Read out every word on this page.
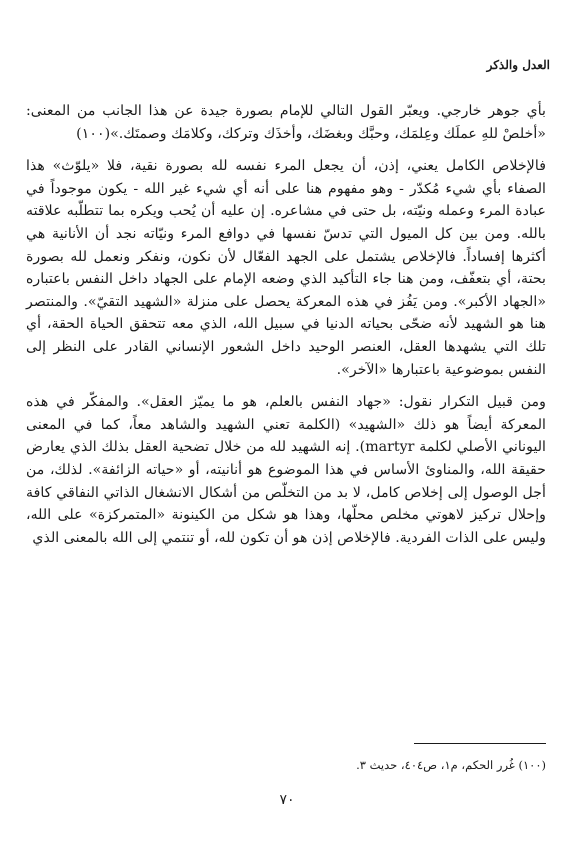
العدل والذكر

بأي جوهر خارجي. ويعبّر القول التالي للإمام بصورة جيدة عن هذا الجانب من المعنى: «أخلصْ للهِ عملَك وعِلمَك، وحبَّك وبغضَك، وأخذَك وتركك، وكلامَك وصمتَك.»(١٠٠)

فالإخلاص الكامل يعني، إذن، أن يجعل المرء نفسه لله بصورة نقية، فلا «يلوّث» هذا الصفاء بأي شيء مُكدّر - وهو مفهوم هنا على أنه أي شيء غير الله - يكون موجوداً في عبادة المرء وعمله ونيّته، بل حتى في مشاعره. إن عليه أن يُحب ويكره بما تتطلّبه علاقته بالله. ومن بين كل الميول التي تدسّ نفسها في دوافع المرء ونيّاته نجد أن الأنانية هي أكثرها إفساداً. فالإخلاص يشتمل على الجهد الفعّال لأن نكون، ونفكر ونعمل لله بصورة بحتة، أي بتعفّف، ومن هنا جاء التأكيد الذي وضعه الإمام على الجهاد داخل النفس باعتباره «الجهاد الأكبر». ومن يَفُز في هذه المعركة يحصل على منزلة «الشهيد التقيّ». والمنتصر هنا هو الشهيد لأنه ضحّى بحياته الدنيا في سبيل الله، الذي معه تتحقق الحياة الحقة، أي تلك التي يشهدها العقل، العنصر الوحيد داخل الشعور الإنساني القادر على النظر إلى النفس بموضوعية باعتبارها «الآخر».

ومن قبيل التكرار نقول: «جهاد النفس بالعلم، هو ما يميّز العقل». والمفكّر في هذه المعركة أيضاً هو ذلك «الشهيد» (الكلمة تعني الشهيد والشاهد معاً، كما في المعنى اليوناني الأصلي لكلمة martyr). إنه الشهيد لله من خلال تضحية العقل بذلك الذي يعارض حقيقة الله، والمناوئ الأساس في هذا الموضوع هو أنانيته، أو «حياته الزائفة». لذلك، من أجل الوصول إلى إخلاص كامل، لا بد من التخلّص من أشكال الانشغال الذاتي النفاقي كافة وإحلال تركيز لاهوتي مخلص محلّها، وهذا هو شكل من الكينونة «المتمركزة» على الله، وليس على الذات الفردية. فالإخلاص إذن هو أن تكون لله، أو تنتمي إلى الله بالمعنى الذي

(١٠٠) غُرر الحكم، م١، ص٤٠٤، حديث ٣.
٧٠
